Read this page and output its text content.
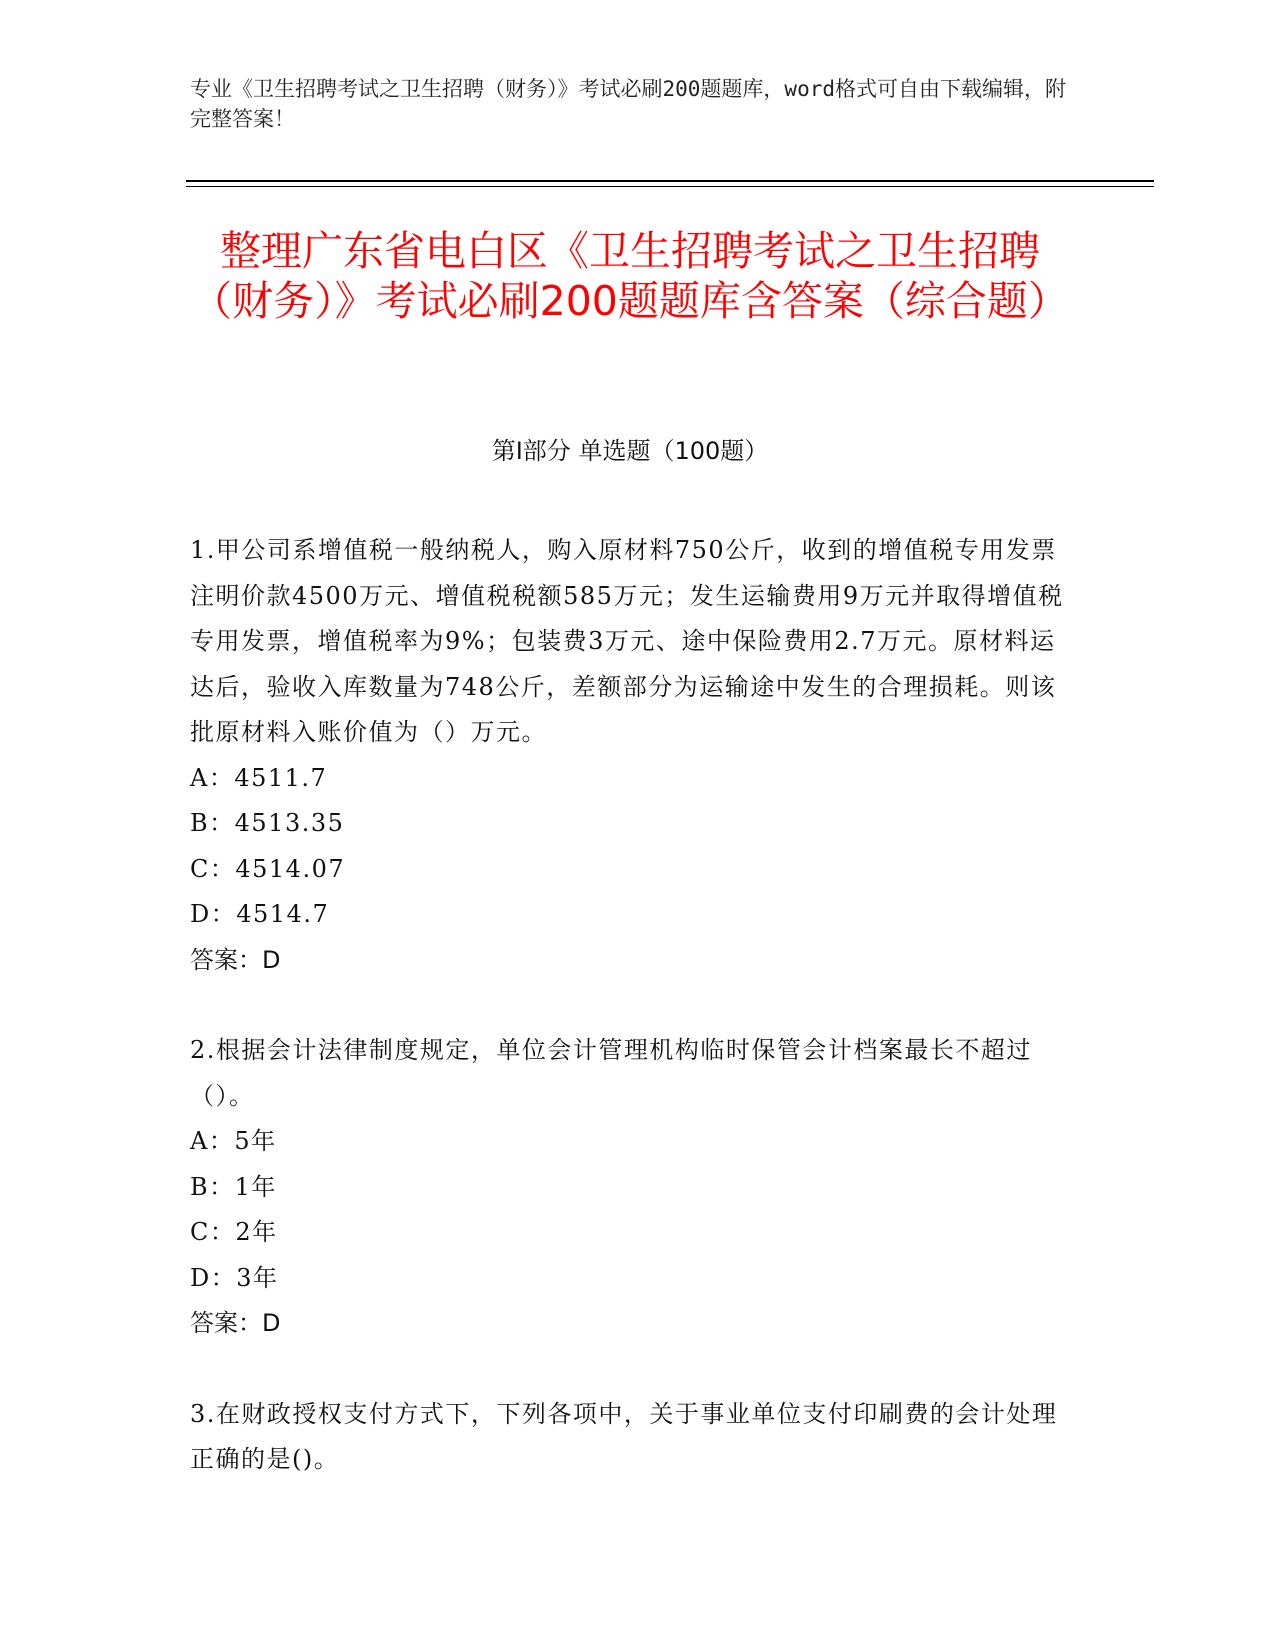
专业《卫生招聘考试之卫生招聘（财务）》考试必刷200题题库，word格式可自由下载编辑，附完整答案！
整理广东省电白区《卫生招聘考试之卫生招聘（财务）》考试必刷200题题库含答案（综合题）
第Ⅰ部分 单选题（100题）
1.甲公司系增值税一般纳税人，购入原材料750公斤，收到的增值税专用发票注明价款4500万元、增值税税额585万元；发生运输费用9万元并取得增值税专用发票，增值税率为9%；包装费3万元、途中保险费用2.7万元。原材料运达后，验收入库数量为748公斤，差额部分为运输途中发生的合理损耗。则该批原材料入账价值为（）万元。
A：4511.7
B：4513.35
C：4514.07
D：4514.7
答案：D
2.根据会计法律制度规定，单位会计管理机构临时保管会计档案最长不超过（）。
A：5年
B：1年
C：2年
D：3年
答案：D
3.在财政授权支付方式下，下列各项中，关于事业单位支付印刷费的会计处理正确的是()。
